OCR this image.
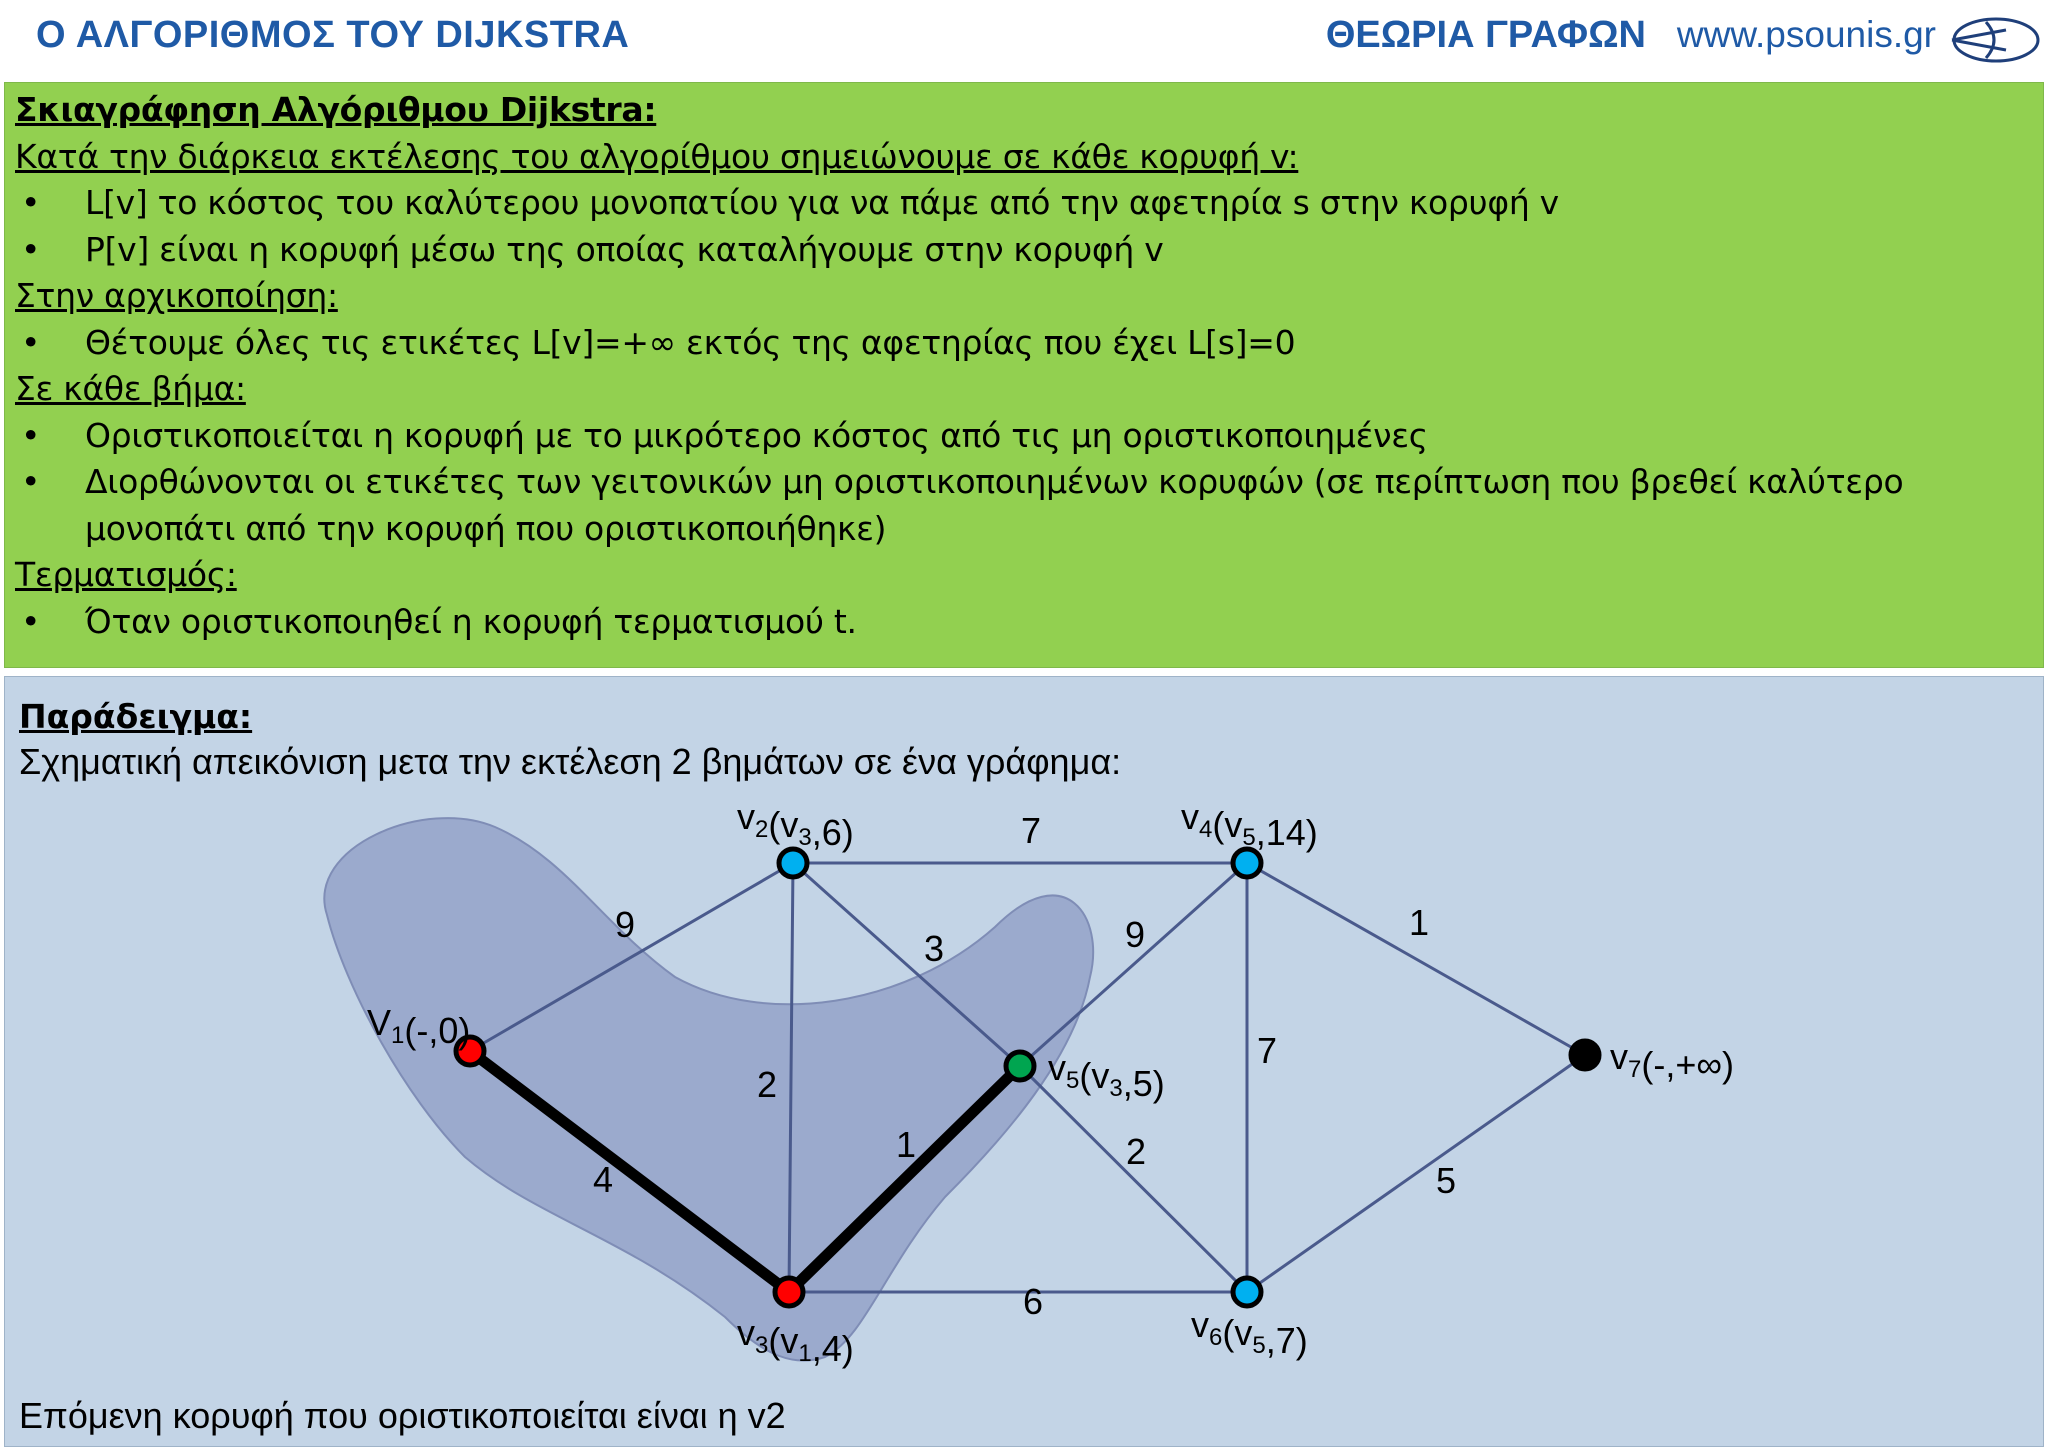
Ο ΑΛΓΟΡΙΘΜΟΣ ΤΟΥ DIJKSTRA	ΘΕΩΡΙΑ ΓΡΑΦΩΝ www.psounis.gr
Σκιαγράφηση Αλγόριθμου Dijkstra:
Κατά την διάρκεια εκτέλεσης του αλγορίθμου σημειώνουμε σε κάθε κορυφή v:
• L[v] το κόστος του καλύτερου μονοπατίου για να πάμε από την αφετηρία s στην κορυφή v
• P[v] είναι η κορυφή μέσω της οποίας καταλήγουμε στην κορυφή v
Στην αρχικοποίηση:
• Θέτουμε όλες τις ετικέτες L[v]=+∞ εκτός της αφετηρίας που έχει L[s]=0
Σε κάθε βήμα:
• Οριστικοποιείται η κορυφή με το μικρότερο κόστος από τις μη οριστικοποιημένες
• Διορθώνονται οι ετικέτες των γειτονικών μη οριστικοποιημένων κορυφών (σε περίπτωση που βρεθεί καλύτερο μονοπάτι από την κορυφή που οριστικοποιήθηκε)
Τερματισμός:
• Όταν οριστικοποιηθεί η κορυφή τερματισμού t.
Παράδειγμα:
Σχηματική απεικόνιση μετα την εκτέλεση 2 βημάτων σε ένα γράφημα:
9
4
2
3
7
1
6
9
2
7
1
5
$V_1(-,0)$
$v_2(v_3,6)$
$v_3(v_1,4)$
$v_4(v_5,14)$
$v_5(v_3,5)$
$v_6(v_5,7)$
$v_7(-,+\infty)$
Επόμενη κορυφή που οριστικοποιείται είναι η v2
